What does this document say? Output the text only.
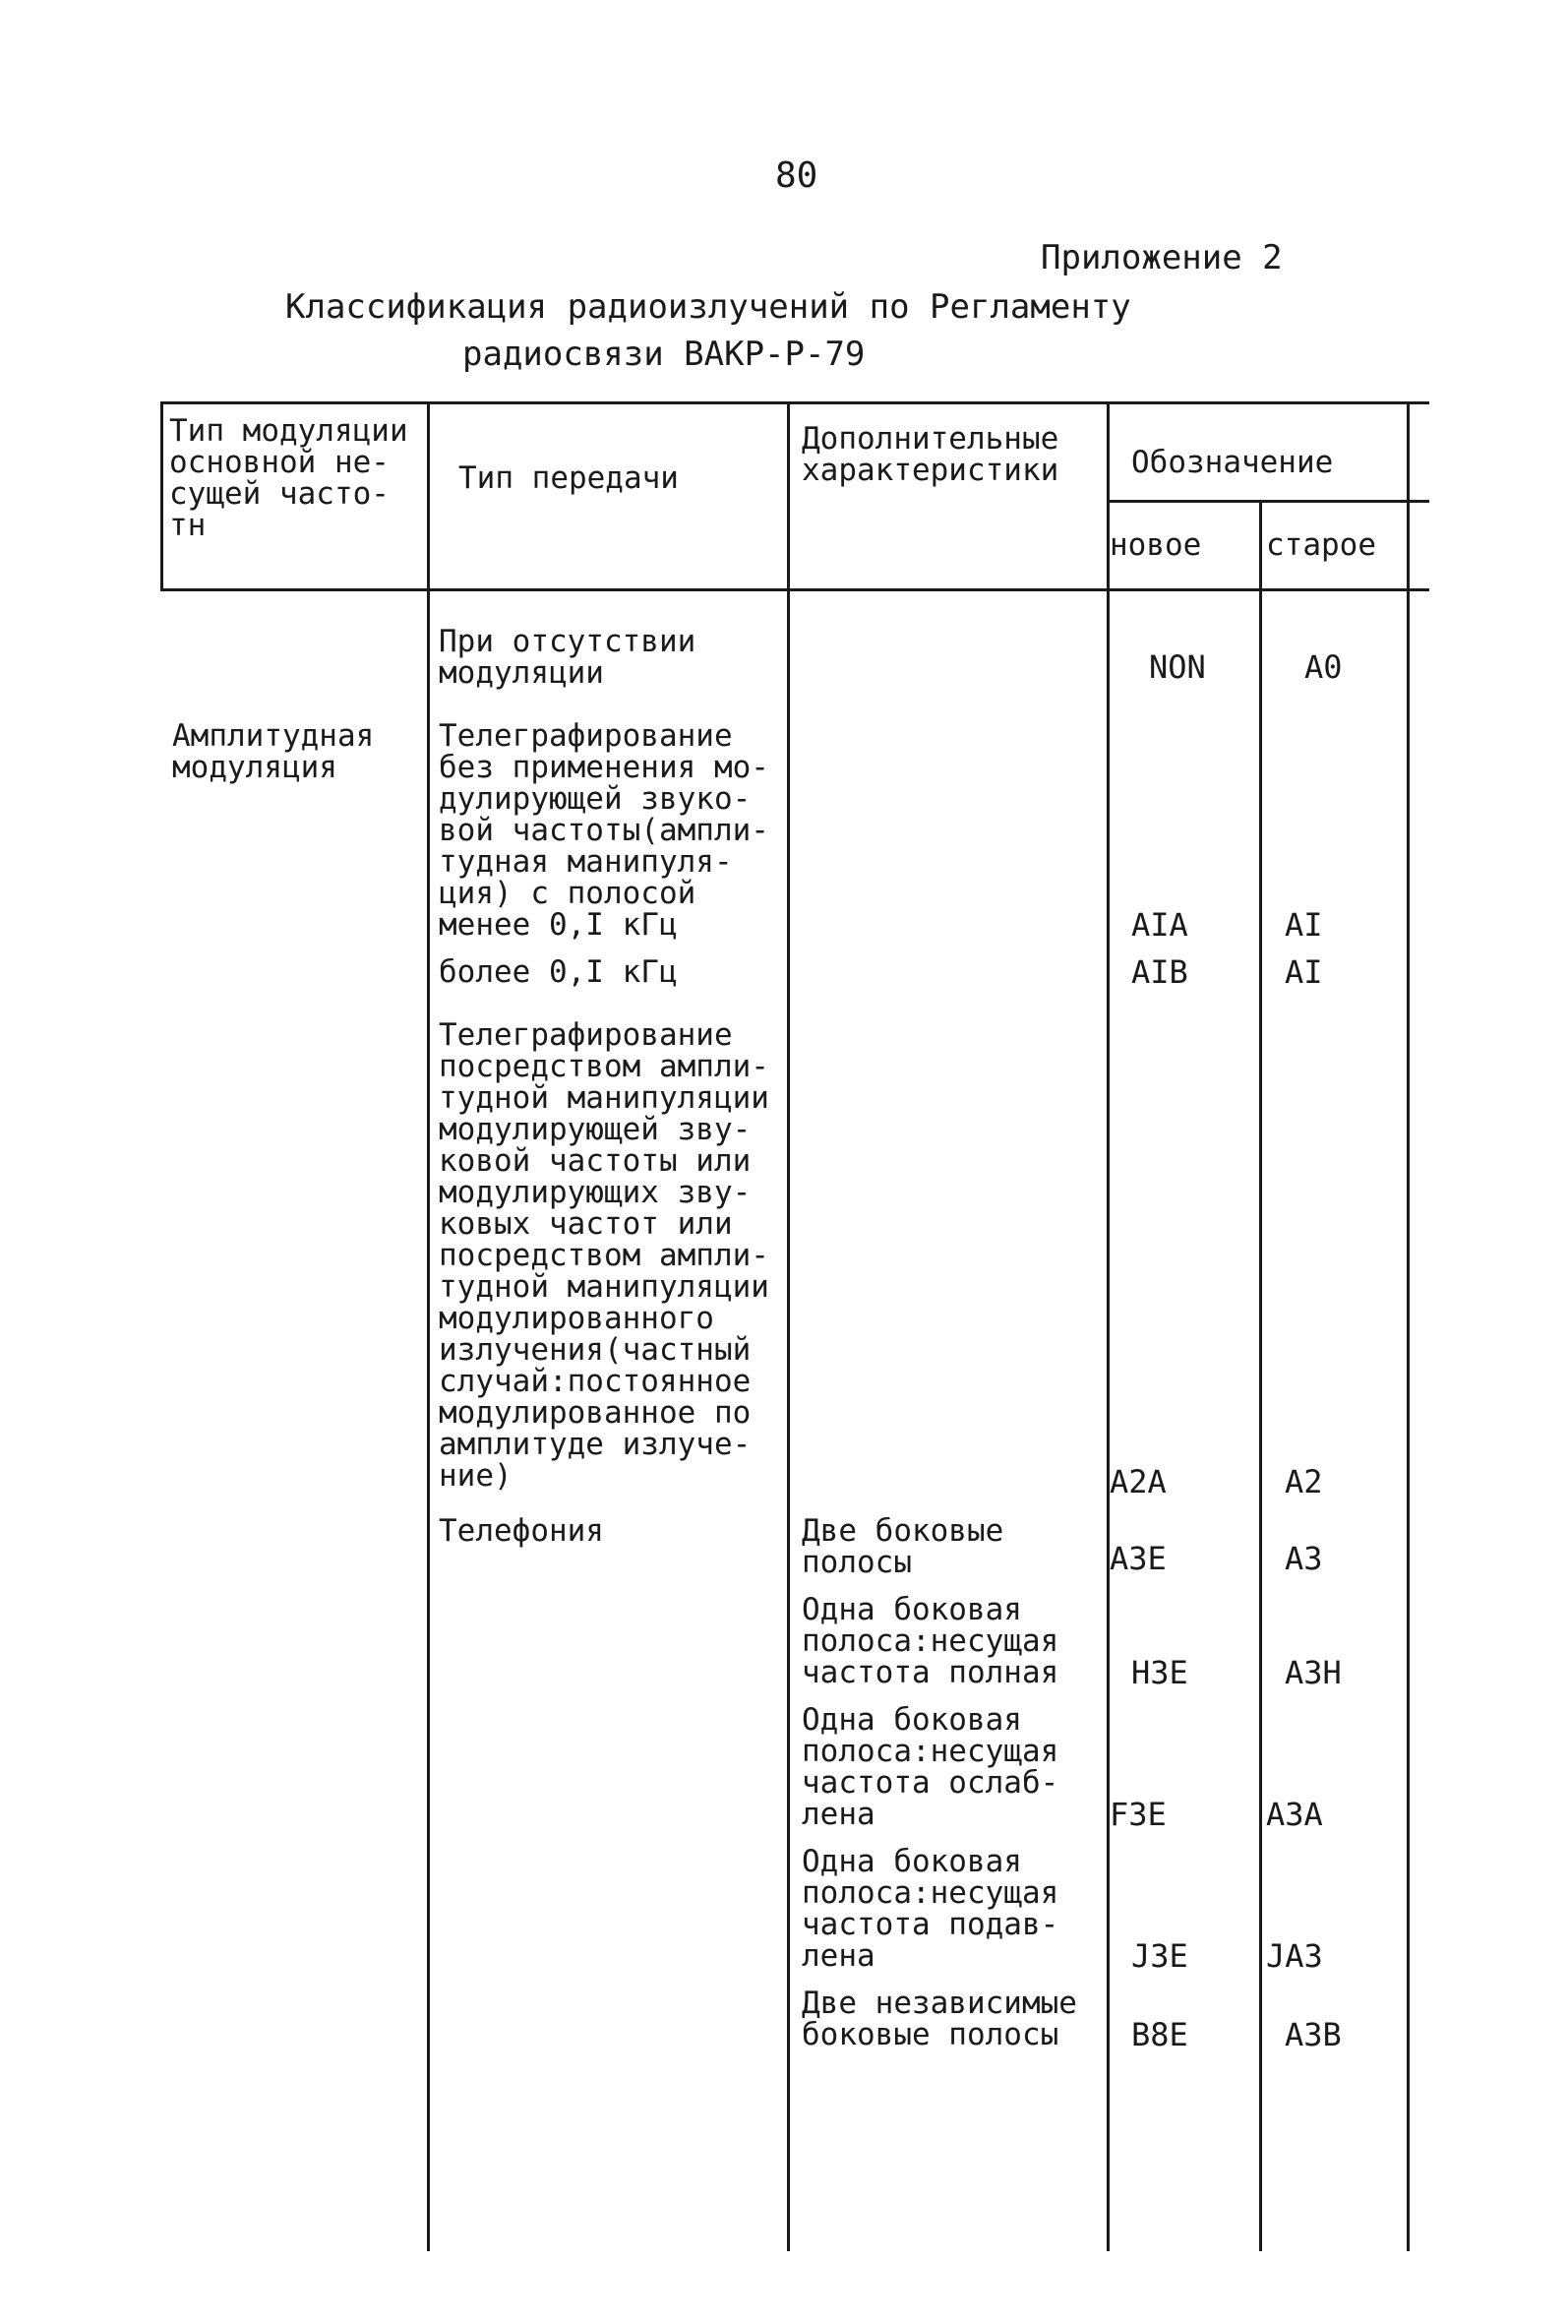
80
Приложение 2
Классификация радиоизлучений по Регламенту
радиосвязи ВАКР-Р-79
Тип модуляции
основной не-
сущей часто-
тн
Тип передачи
Дополнительные
характеристики Обозначение
новое старое
Амплитудная
модуляция
При отсутствии
модуляции
Телеграфирование
без применения мо-
дулирующей звуко-
вой частоты(ампли-
тудная манипуля-
ция) с полосой
менее 0,I кГц
более 0,I кГц
Телеграфирование
посредством ампли-
тудной манипуляции
модулирующей зву-
ковой частоты или
модулирующих зву-
ковых частот или
посредством ампли-
тудной манипуляции
модулированного
излучения(частный
случай:постоянное
модулированное по
амплитуде излуче-
ние)
Телефония	Две боковые
полосы
Одна боковая
полоса:несущая
частота полная
Одна боковая
полоса:несущая
частота ослаб-
лена
Одна боковая
полоса:несущая
частота подав-
лена
Две независимые
боковые полосы
NON
AIA
AIB
A2A
A3E
H3E
F3E
J3E
B8E
A0
AI
AI
A2
A3
A3H
A3A
JA3
A3B
